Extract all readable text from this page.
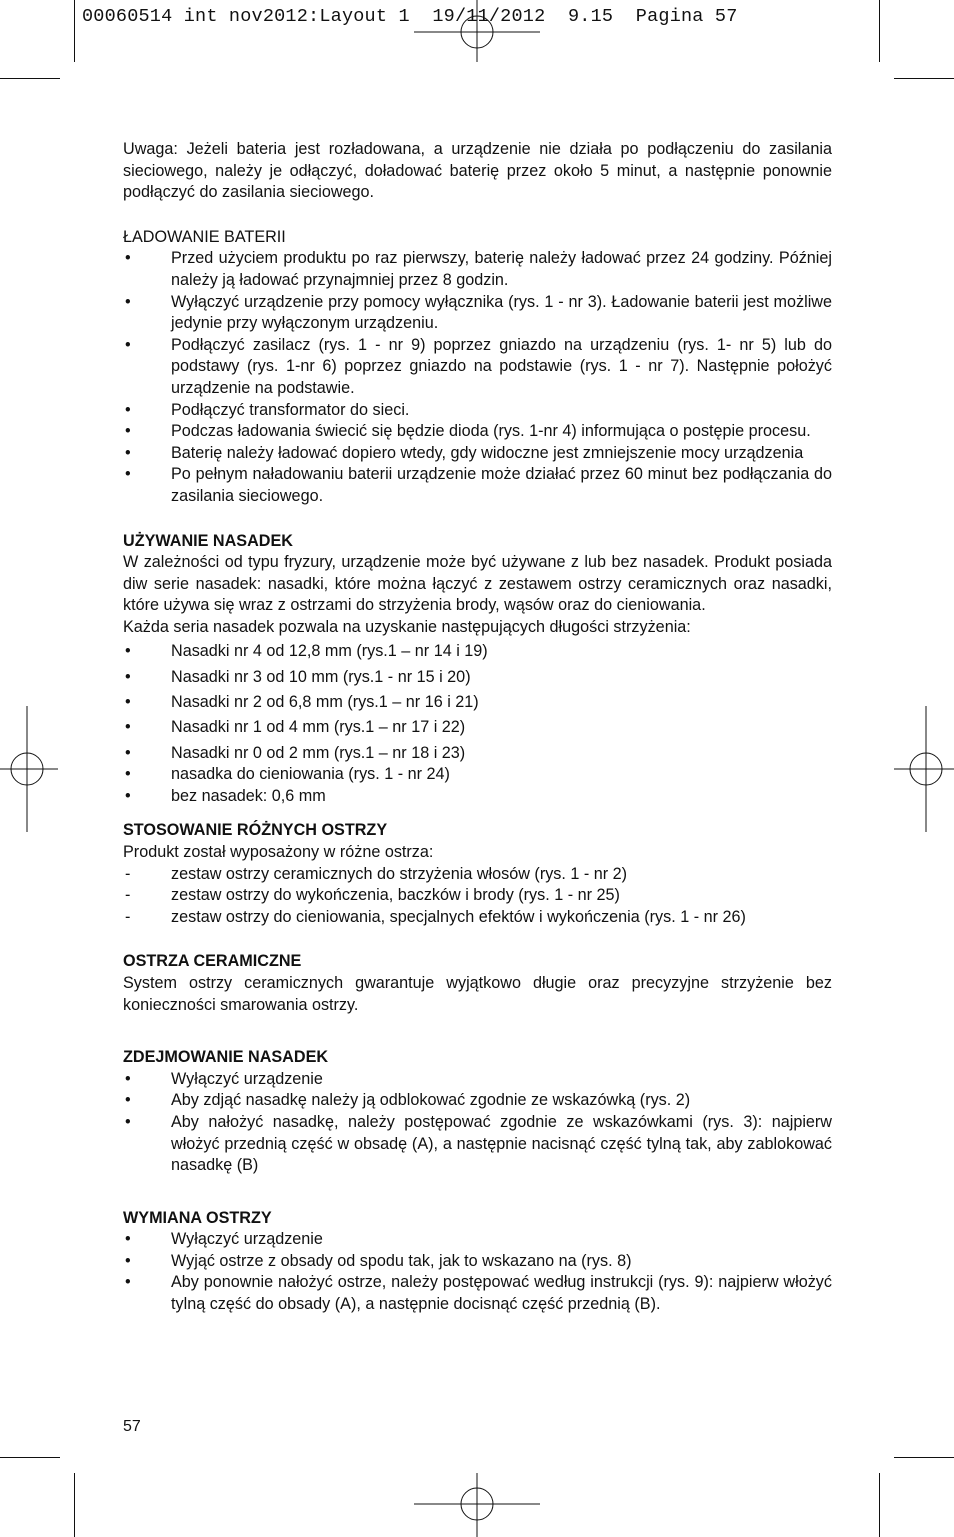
00060514 int nov2012:Layout 1  19/11/2012  9.15  Pagina 57

Uwaga: Jeżeli bateria jest rozładowana, a urządzenie nie działa po podłączeniu do zasilania sieciowego, należy je odłączyć, doładować baterię przez około 5 minut, a następnie ponownie podłączyć do zasilania sieciowego.

ŁADOWANIE BATERII

• Przed użyciem produktu po raz pierwszy, baterię należy ładować przez 24 godziny. Później należy ją ładować przynajmniej przez 8 godzin.
• Wyłączyć urządzenie przy pomocy wyłącznika (rys. 1 - nr 3). Ładowanie baterii jest możliwe jedynie przy wyłączonym urządzeniu.
• Podłączyć zasilacz (rys. 1 - nr 9) poprzez gniazdo na urządzeniu (rys. 1- nr 5) lub do podstawy (rys. 1-nr 6) poprzez gniazdo na podstawie (rys. 1 - nr 7). Następnie położyć urządzenie na podstawie.
• Podłączyć transformator do sieci.
• Podczas ładowania świecić się będzie dioda (rys. 1-nr 4) informująca o postępie procesu.
• Baterię należy ładować dopiero wtedy, gdy widoczne jest zmniejszenie mocy urządzenia
• Po pełnym naładowaniu baterii urządzenie może działać przez 60 minut bez podłączania do zasilania sieciowego.

UŻYWANIE NASADEK

W zależności od typu fryzury, urządzenie może być używane z lub bez nasadek. Produkt posiada diw serie nasadek: nasadki, które można łączyć z zestawem ostrzy ceramicznych oraz nasadki, które używa się wraz z ostrzami do strzyżenia brody, wąsów oraz do cieniowania.

Każda seria nasadek pozwala na uzyskanie następujących długości strzyżenia:

• Nasadki nr 4 od 12,8 mm (rys.1 – nr 14 i 19)
• Nasadki nr 3 od 10 mm (rys.1 - nr 15 i 20)
• Nasadki nr 2 od 6,8 mm (rys.1 – nr 16 i 21)
• Nasadki nr 1 od 4 mm (rys.1 – nr 17 i 22)
• Nasadki nr 0 od 2 mm (rys.1 – nr 18 i 23)
• nasadka do cieniowania (rys. 1 - nr 24)
• bez nasadek: 0,6 mm

STOSOWANIE RÓŻNYCH OSTRZY

Produkt został wyposażony w różne ostrza:

-	zestaw ostrzy ceramicznych do strzyżenia włosów (rys. 1 - nr 2)
-	zestaw ostrzy do wykończenia, baczków i brody (rys. 1 - nr 25)
-	zestaw ostrzy do cieniowania, specjalnych efektów i wykończenia (rys. 1 - nr 26)

OSTRZA CERAMICZNE

System ostrzy ceramicznych gwarantuje wyjątkowo długie oraz precyzyjne strzyżenie bez konieczności smarowania ostrzy.

ZDEJMOWANIE NASADEK

• Wyłączyć urządzenie
• Aby zdjąć nasadkę należy ją odblokować zgodnie ze wskazówką (rys. 2)
• Aby nałożyć nasadkę, należy postępować zgodnie ze wskazówkami (rys. 3): najpierw włożyć przednią część w obsadę (A), a następnie nacisnąć część tylną tak, aby zablokować nasadkę (B)

WYMIANA OSTRZY

• Wyłączyć urządzenie
• Wyjąć ostrze z obsady od spodu tak, jak to wskazano na (rys. 8)
• Aby ponownie nałożyć ostrze, należy postępować według instrukcji (rys. 9): najpierw włożyć tylną część do obsady (A), a następnie docisnąć część przednią (B).
57
